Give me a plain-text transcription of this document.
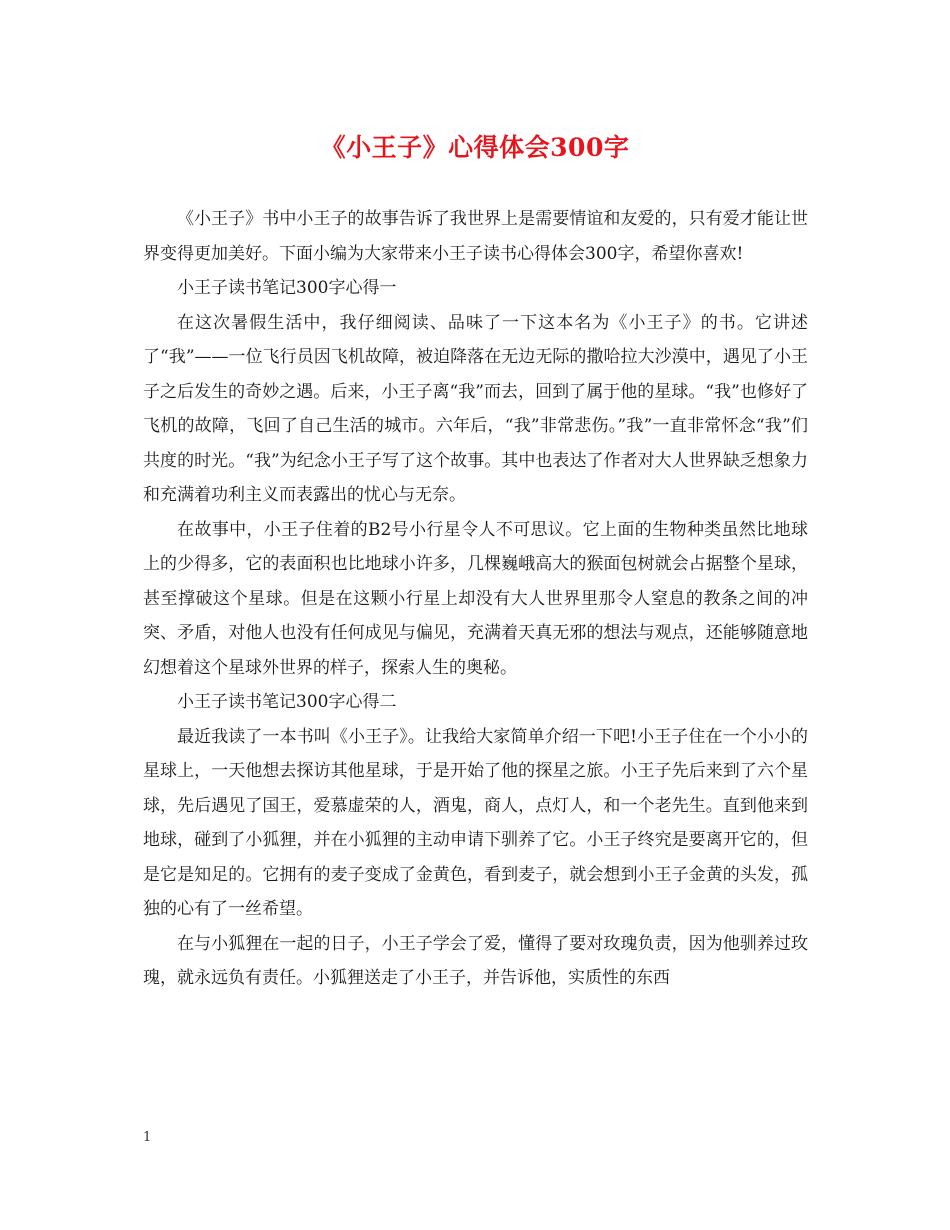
《小王子》心得体会300字

《小王子》书中小王子的故事告诉了我世界上是需要情谊和友爱的，只有爱才能让世界变得更加美好。下面小编为大家带来小王子读书心得体会300字，希望你喜欢!

小王子读书笔记300字心得一

在这次暑假生活中，我仔细阅读、品味了一下这本名为《小王子》的书。它讲述了“我”——一位飞行员因飞机故障，被迫降落在无边无际的撒哈拉大沙漠中，遇见了小王子之后发生的奇妙之遇。后来，小王子离“我”而去，回到了属于他的星球。“我”也修好了飞机的故障，飞回了自己生活的城市。六年后，“我”非常悲伤。”我”一直非常怀念“我”们共度的时光。“我”为纪念小王子写了这个故事。其中也表达了作者对大人世界缺乏想象力和充满着功利主义而表露出的忧心与无奈。

在故事中，小王子住着的B2号小行星令人不可思议。它上面的生物种类虽然比地球上的少得多，它的表面积也比地球小许多，几棵巍峨高大的猴面包树就会占据整个星球，甚至撑破这个星球。但是在这颗小行星上却没有大人世界里那令人窒息的教条之间的冲突、矛盾，对他人也没有任何成见与偏见，充满着天真无邪的想法与观点，还能够随意地幻想着这个星球外世界的样子，探索人生的奥秘。

小王子读书笔记300字心得二

最近我读了一本书叫《小王子》。让我给大家简单介绍一下吧!小王子住在一个小小的星球上，一天他想去探访其他星球，于是开始了他的探星之旅。小王子先后来到了六个星球，先后遇见了国王，爱慕虚荣的人，酒鬼，商人，点灯人，和一个老先生。直到他来到地球，碰到了小狐狸，并在小狐狸的主动申请下驯养了它。小王子终究是要离开它的，但是它是知足的。它拥有的麦子变成了金黄色，看到麦子，就会想到小王子金黄的头发，孤独的心有了一丝希望。

在与小狐狸在一起的日子，小王子学会了爱，懂得了要对玫瑰负责，因为他驯养过玫瑰，就永远负有责任。小狐狸送走了小王子，并告诉他，实质性的东西

1
